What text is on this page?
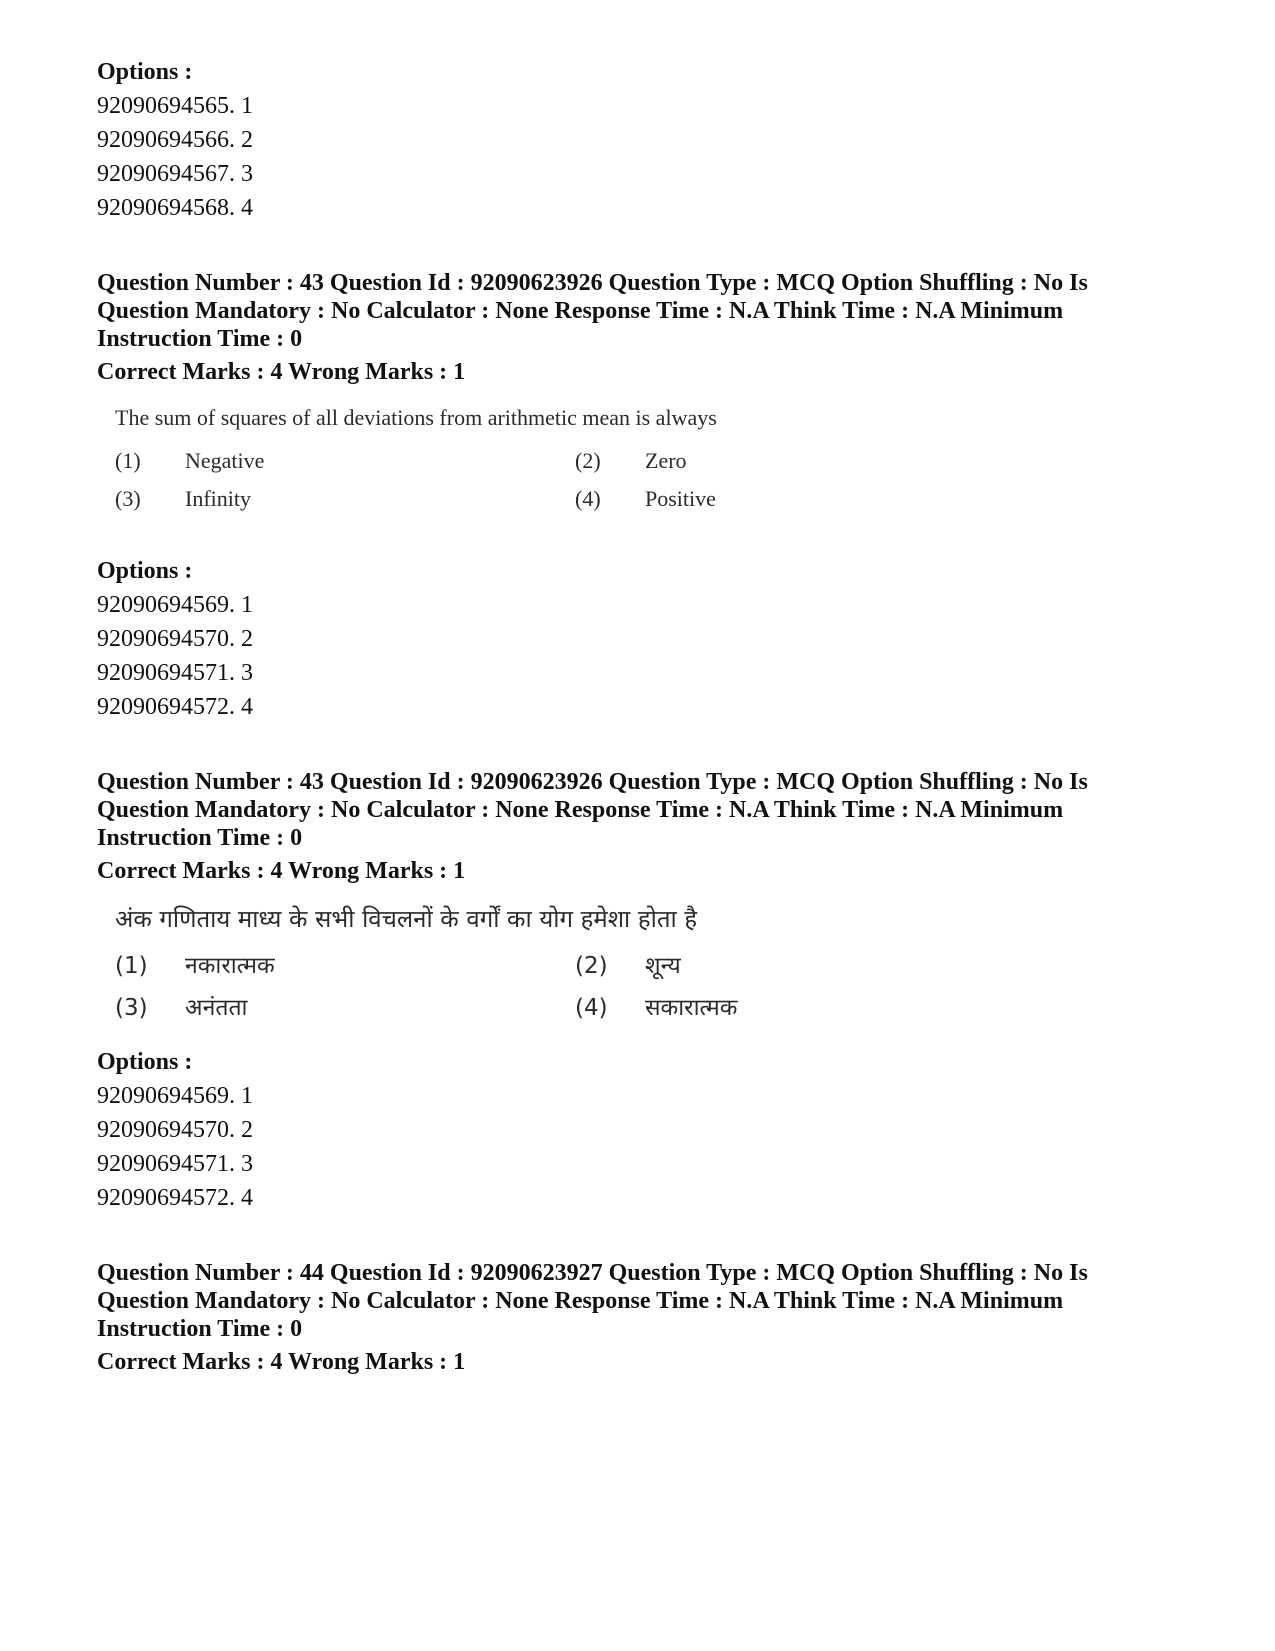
Options :
92090694565. 1
92090694566. 2
92090694567. 3
92090694568. 4
Question Number : 43 Question Id : 92090623926 Question Type : MCQ Option Shuffling : No Is Question Mandatory : No Calculator : None Response Time : N.A Think Time : N.A Minimum Instruction Time : 0
Correct Marks : 4 Wrong Marks : 1
The sum of squares of all deviations from arithmetic mean is always
(1)	Negative	(2)	Zero
(3)	Infinity	(4)	Positive
Options :
92090694569. 1
92090694570. 2
92090694571. 3
92090694572. 4
Question Number : 43 Question Id : 92090623926 Question Type : MCQ Option Shuffling : No Is Question Mandatory : No Calculator : None Response Time : N.A Think Time : N.A Minimum Instruction Time : 0
Correct Marks : 4 Wrong Marks : 1
अंक गणिताय माध्य के सभी विचलनों के वर्गों का योग हमेशा होता है
(1)	नकारात्मक	(2)	शून्य
(3)	अनंतता	(4)	सकारात्मक
Options :
92090694569. 1
92090694570. 2
92090694571. 3
92090694572. 4
Question Number : 44 Question Id : 92090623927 Question Type : MCQ Option Shuffling : No Is Question Mandatory : No Calculator : None Response Time : N.A Think Time : N.A Minimum Instruction Time : 0
Correct Marks : 4 Wrong Marks : 1
